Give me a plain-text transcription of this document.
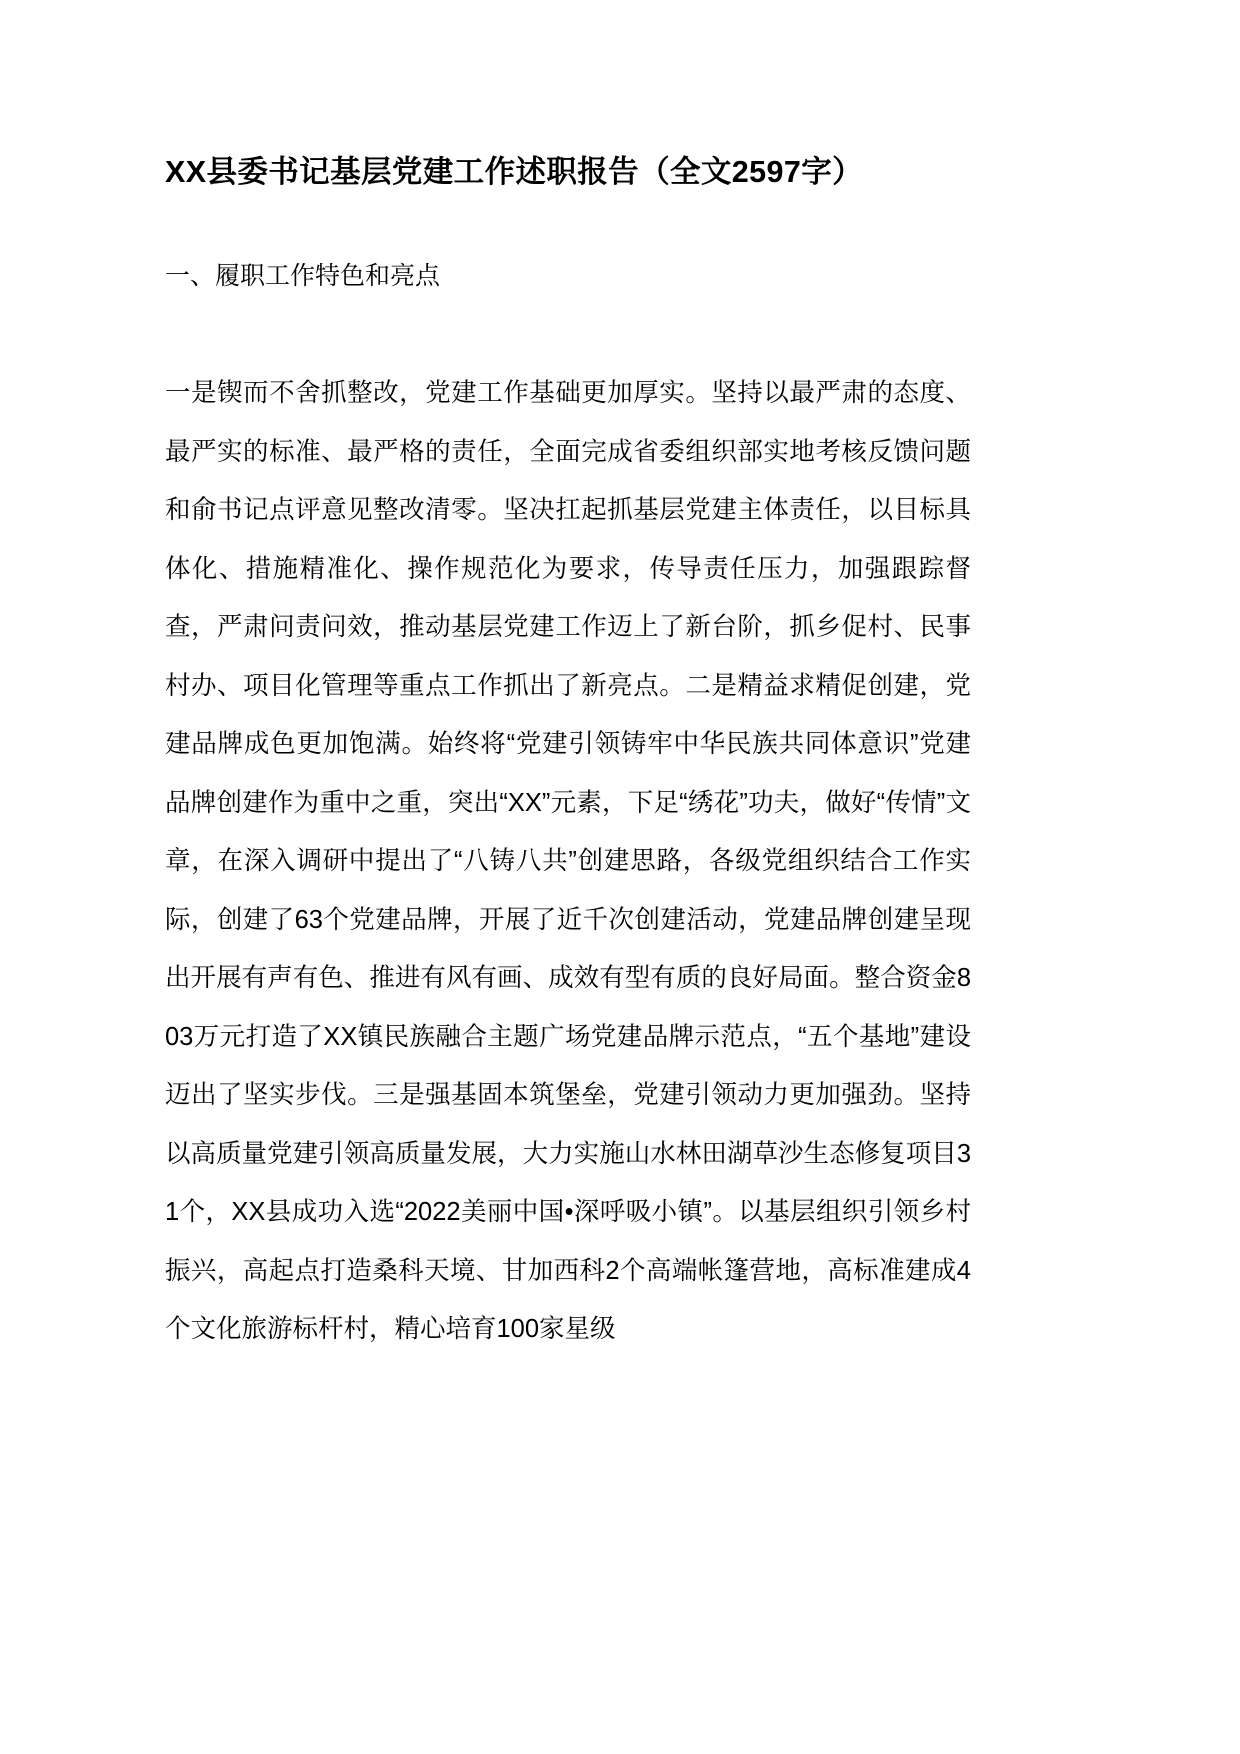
XX县委书记基层党建工作述职报告（全文2597字）
一、履职工作特色和亮点

一是锲而不舍抓整改，党建工作基础更加厚实。坚持以最严肃的态度、最严实的标准、最严格的责任，全面完成省委组织部实地考核反馈问题和俞书记点评意见整改清零。坚决扛起抓基层党建主体责任，以目标具体化、措施精准化、操作规范化为要求，传导责任压力，加强跟踪督查，严肃问责问效，推动基层党建工作迈上了新台阶，抓乡促村、民事村办、项目化管理等重点工作抓出了新亮点。二是精益求精促创建，党建品牌成色更加饱满。始终将“党建引领铸牢中华民族共同体意识”党建品牌创建作为重中之重，突出“XX”元素，下足“绣花”功夫，做好“传情”文章，在深入调研中提出了“八铸八共”创建思路，各级党组织结合工作实际，创建了63个党建品牌，开展了近千次创建活动，党建品牌创建呈现出开展有声有色、推进有风有画、成效有型有质的良好局面。整合资金803万元打造了XX镇民族融合主题广场党建品牌示范点，“五个基地”建设迈出了坚实步伐。三是强基固本筑堡垒，党建引领动力更加强劲。坚持以高质量党建引领高质量发展，大力实施山水林田湖草沙生态修复项目31个，XX县成功入选“2022美丽中国•深呼吸小镇”。以基层组织引领乡村振兴，高起点打造桑科天境、甘加西科2个高端帐篷营地，高标准建成4个文化旅游标杆村，精心培育100家星级
